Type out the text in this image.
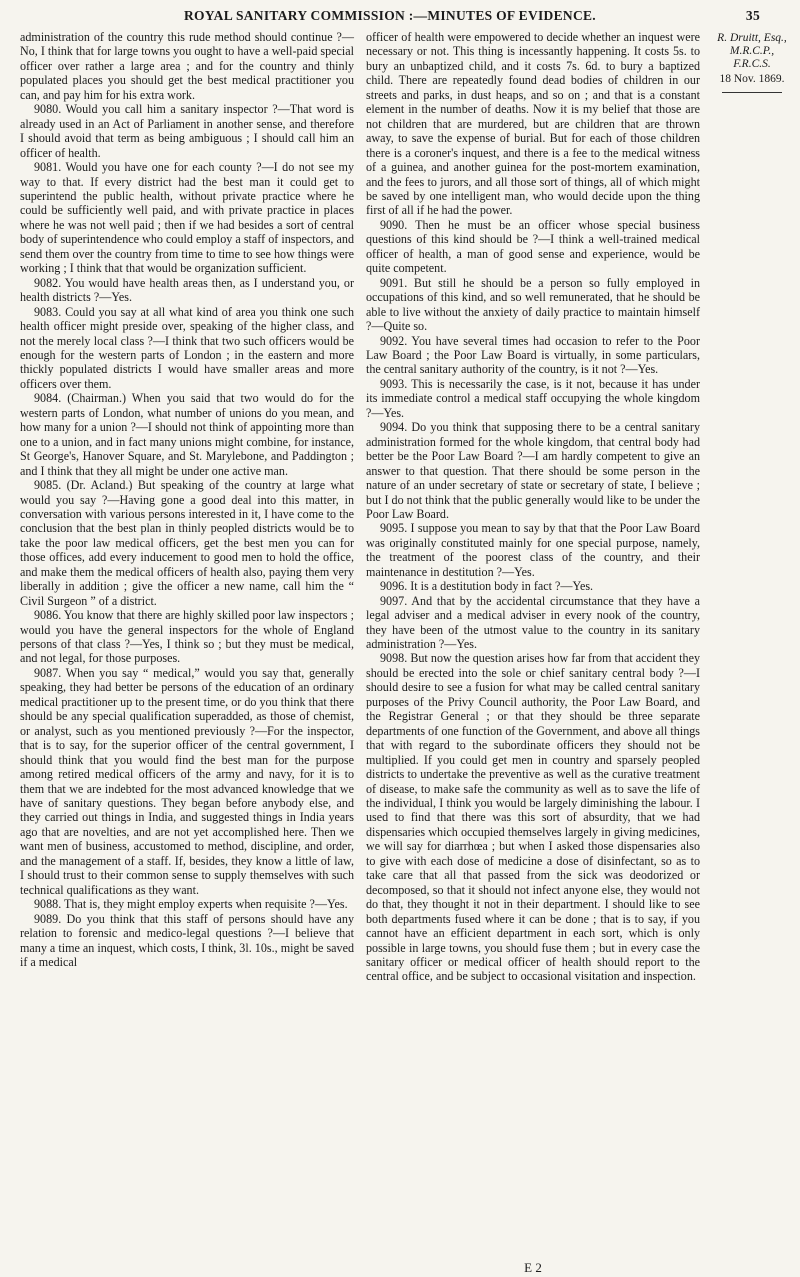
ROYAL SANITARY COMMISSION :—MINUTES OF EVIDENCE.	35

administration of the country this rude method should continue ?—No, I think that for large towns you ought to have a well-paid special officer over rather a large area ; and for the country and thinly populated places you should get the best medical practitioner you can, and pay him for his extra work.

9080. Would you call him a sanitary inspector ?—That word is already used in an Act of Parliament in another sense, and therefore I should avoid that term as being ambiguous ; I should call him an officer of health.

9081. Would you have one for each county ?—I do not see my way to that. If every district had the best man it could get to superintend the public health, without private practice where he could be sufficiently well paid, and with private practice in places where he was not well paid ; then if we had besides a sort of central body of superintendence who could employ a staff of inspectors, and send them over the country from time to time to see how things were working ; I think that that would be organization sufficient.

9082. You would have health areas then, as I understand you, or health districts ?—Yes.

9083. Could you say at all what kind of area you think one such health officer might preside over, speaking of the higher class, and not the merely local class ?—I think that two such officers would be enough for the western parts of London ; in the eastern and more thickly populated districts I would have smaller areas and more officers over them.

9084. (Chairman.) When you said that two would do for the western parts of London, what number of unions do you mean, and how many for a union ?—I should not think of appointing more than one to a union, and in fact many unions might combine, for instance, St George's, Hanover Square, and St. Marylebone, and Paddington ; and I think that they all might be under one active man.

9085. (Dr. Acland.) But speaking of the country at large what would you say ?—Having gone a good deal into this matter, in conversation with various persons interested in it, I have come to the conclusion that the best plan in thinly peopled districts would be to take the poor law medical officers, get the best men you can for those offices, add every inducement to good men to hold the office, and make them the medical officers of health also, paying them very liberally in addition ; give the officer a new name, call him the “ Civil Surgeon ” of a district.

9086. You know that there are highly skilled poor law inspectors ; would you have the general inspectors for the whole of England persons of that class ?—Yes, I think so ; but they must be medical, and not legal, for those purposes.

9087. When you say “ medical,” would you say that, generally speaking, they had better be persons of the education of an ordinary medical practitioner up to the present time, or do you think that there should be any special qualification superadded, as those of chemist, or analyst, such as you mentioned previously ?—For the inspector, that is to say, for the superior officer of the central government, I should think that you would find the best man for the purpose among retired medical officers of the army and navy, for it is to them that we are indebted for the most advanced knowledge that we have of sanitary questions. They began before anybody else, and they carried out things in India, and suggested things in India years ago that are novelties, and are not yet accomplished here. Then we want men of business, accustomed to method, discipline, and order, and the management of a staff. If, besides, they know a little of law, I should trust to their common sense to supply themselves with such technical qualifications as they want.

9088. That is, they might employ experts when requisite ?—Yes.

9089. Do you think that this staff of persons should have any relation to forensic and medico-legal questions ?—I believe that many a time an inquest, which costs, I think, 3l. 10s., might be saved if a medical

officer of health were empowered to decide whether an inquest were necessary or not. This thing is incessantly happening. It costs 5s. to bury an unbaptized child, and it costs 7s. 6d. to bury a baptized child. There are repeatedly found dead bodies of children in our streets and parks, in dust heaps, and so on ; and that is a constant element in the number of deaths. Now it is my belief that those are not children that are murdered, but are children that are thrown away, to save the expense of burial. But for each of those children there is a coroner's inquest, and there is a fee to the medical witness of a guinea, and another guinea for the post-mortem examination, and the fees to jurors, and all those sort of things, all of which might be saved by one intelligent man, who would decide upon the thing first of all if he had the power.

9090. Then he must be an officer whose special business questions of this kind should be ?—I think a well-trained medical officer of health, a man of good sense and experience, would be quite competent.

9091. But still he should be a person so fully employed in occupations of this kind, and so well remunerated, that he should be able to live without the anxiety of daily practice to maintain himself ?—Quite so.

9092. You have several times had occasion to refer to the Poor Law Board ; the Poor Law Board is virtually, in some particulars, the central sanitary authority of the country, is it not ?—Yes.

9093. This is necessarily the case, is it not, because it has under its immediate control a medical staff occupying the whole kingdom ?—Yes.

9094. Do you think that supposing there to be a central sanitary administration formed for the whole kingdom, that central body had better be the Poor Law Board ?—I am hardly competent to give an answer to that question. That there should be some person in the nature of an under secretary of state or secretary of state, I believe ; but I do not think that the public generally would like to be under the Poor Law Board.

9095. I suppose you mean to say by that that the Poor Law Board was originally constituted mainly for one special purpose, namely, the treatment of the poorest class of the country, and their maintenance in destitution ?—Yes.

9096. It is a destitution body in fact ?—Yes.

9097. And that by the accidental circumstance that they have a legal adviser and a medical adviser in every nook of the country, they have been of the utmost value to the country in its sanitary administration ?—Yes.

9098. But now the question arises how far from that accident they should be erected into the sole or chief sanitary central body ?—I should desire to see a fusion for what may be called central sanitary purposes of the Privy Council authority, the Poor Law Board, and the Registrar General ; or that they should be three separate departments of one function of the Government, and above all things that with regard to the subordinate officers they should not be multiplied. If you could get men in country and sparsely peopled districts to undertake the preventive as well as the curative treatment of disease, to make safe the community as well as to save the life of the individual, I think you would be largely diminishing the labour. I used to find that there was this sort of absurdity, that we had dispensaries which occupied themselves largely in giving medicines, we will say for diarrhœa ; but when I asked those dispensaries also to give with each dose of medicine a dose of disinfectant, so as to take care that all that passed from the sick was deodorized or decomposed, so that it should not infect anyone else, they would not do that, they thought it not in their department. I should like to see both departments fused where it can be done ; that is to say, if you cannot have an efficient department in each sort, which is only possible in large towns, you should fuse them ; but in every case the sanitary officer or medical officer of health should report to the central office, and be subject to occasional visitation and inspection.

R. Druitt, Esq., M.R.C.P., F.R.C.S.
18 Nov. 1869.
E 2
